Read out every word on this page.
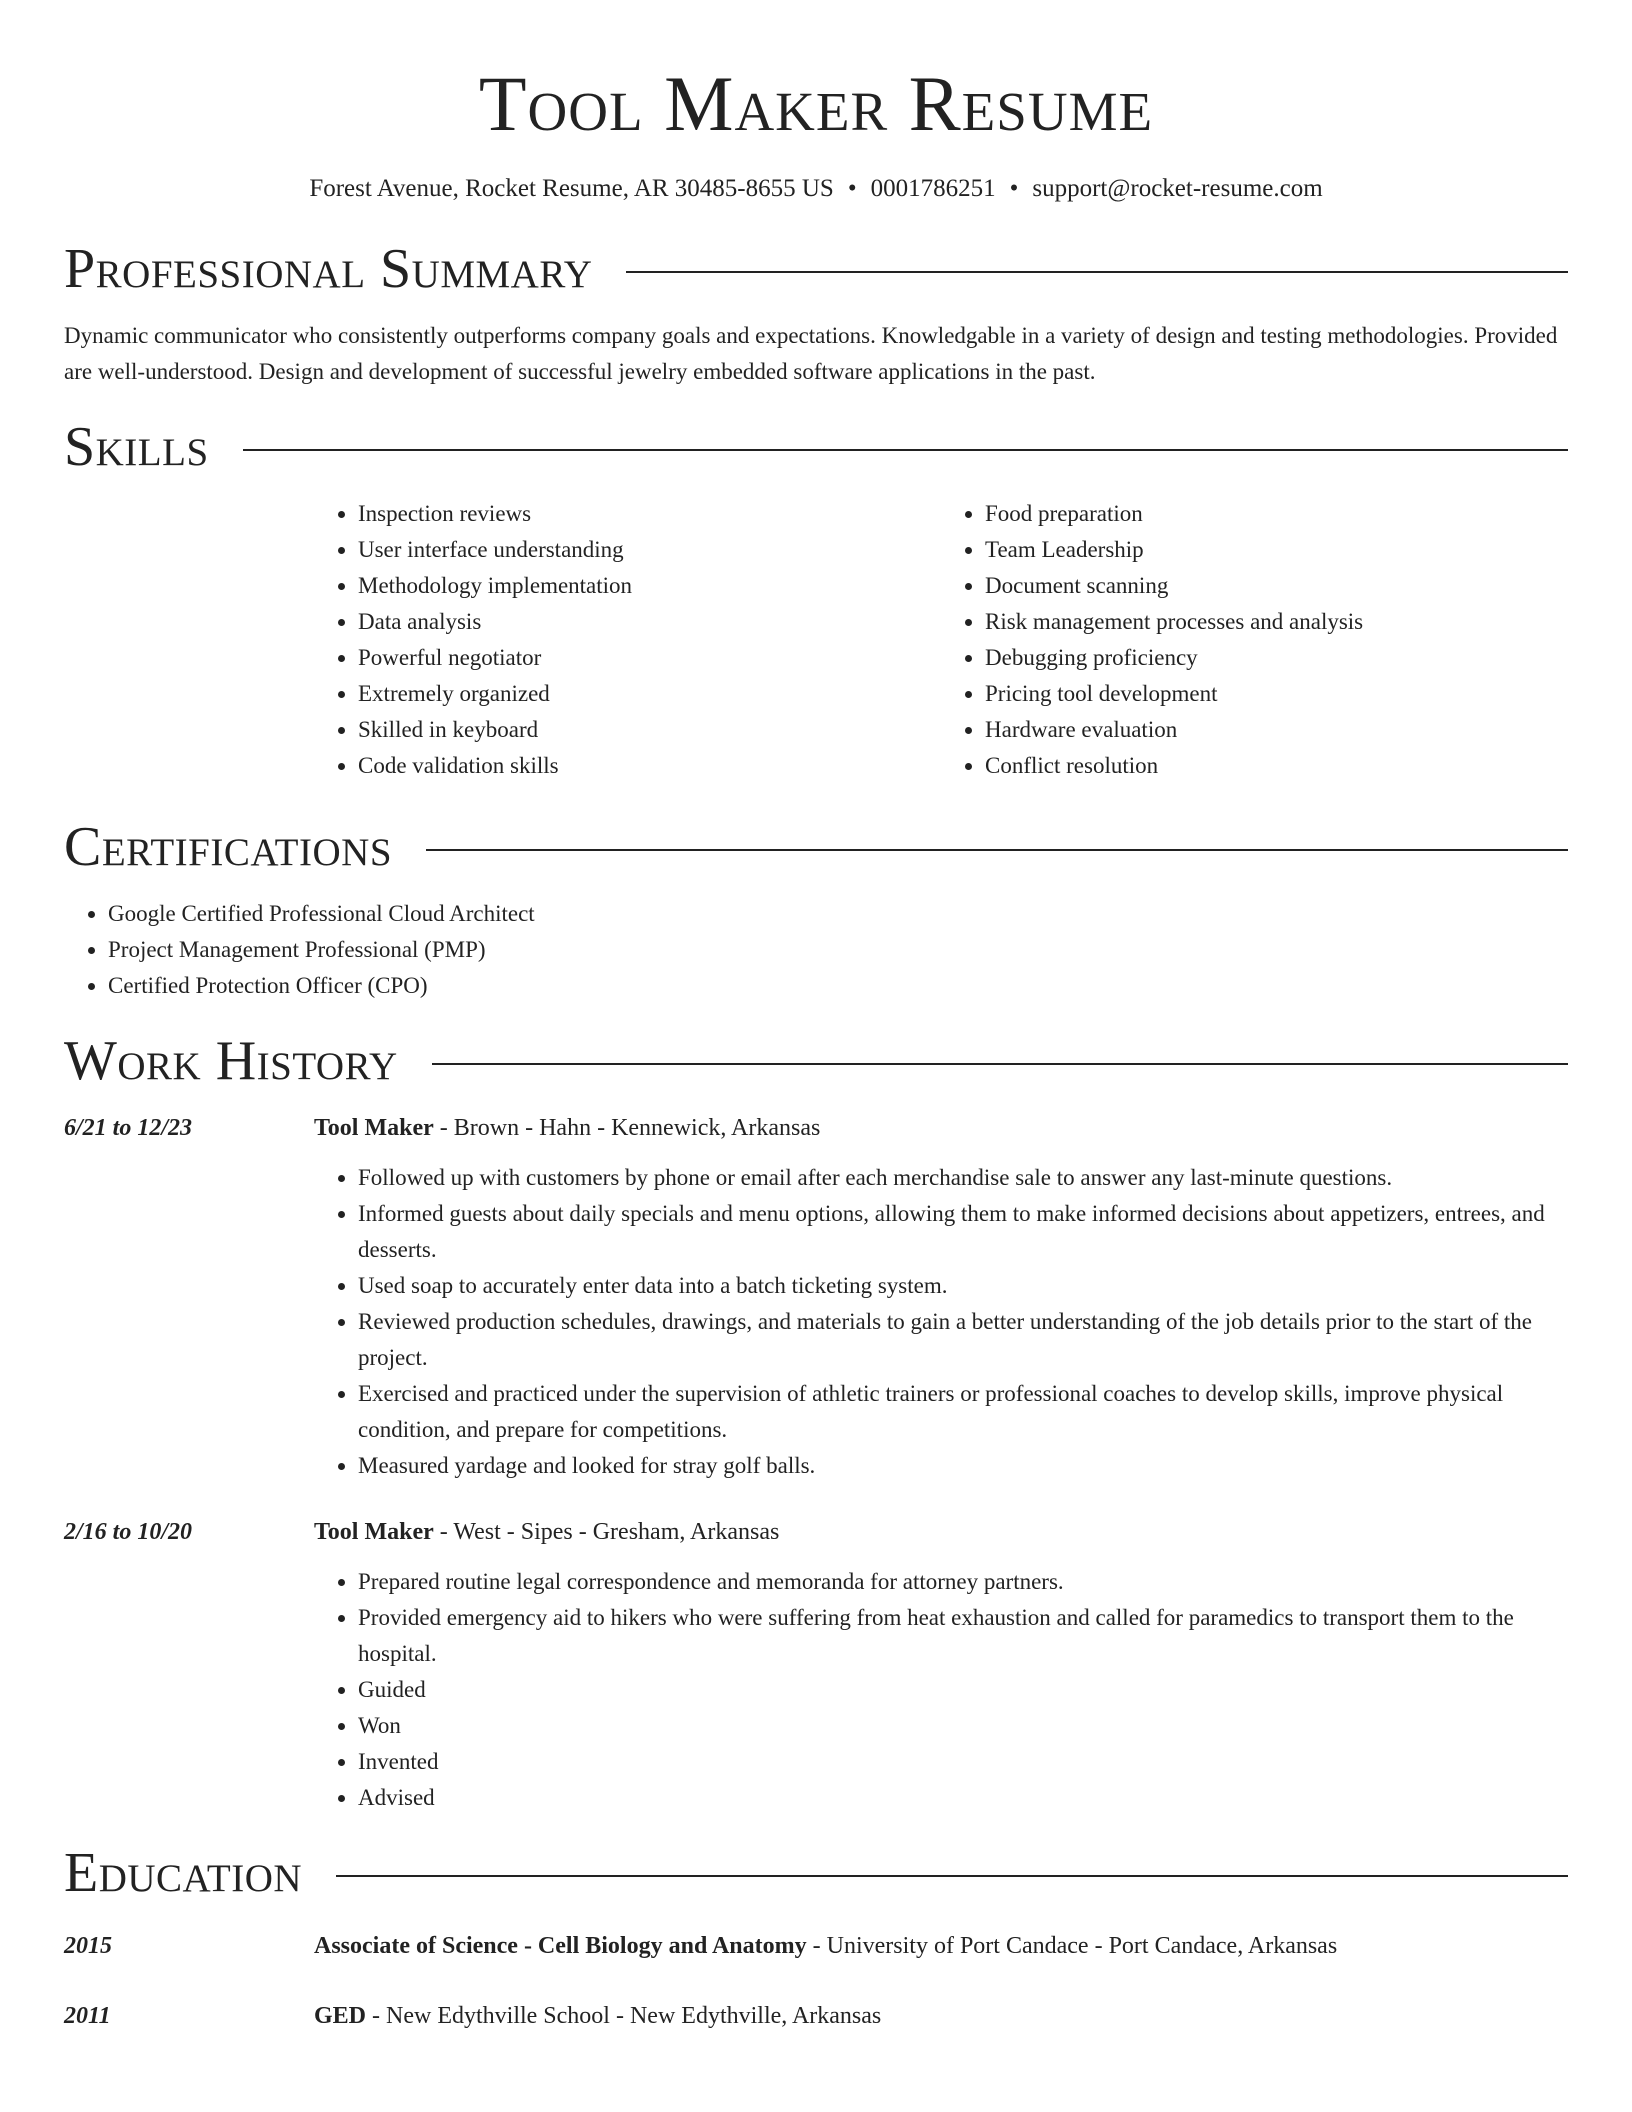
Tool Maker Resume
Forest Avenue, Rocket Resume, AR 30485-8655 US • 0001786251 • support@rocket-resume.com
Professional Summary

Dynamic communicator who consistently outperforms company goals and expectations. Knowledgable in a variety of design and testing methodologies. Provided are well-understood. Design and development of successful jewelry embedded software applications in the past.

Skills
• Inspection reviews
• User interface understanding
• Methodology implementation
• Data analysis
• Powerful negotiator
• Extremely organized
• Skilled in keyboard
• Code validation skills
• Food preparation
• Team Leadership
• Document scanning
• Risk management processes and analysis
• Debugging proficiency
• Pricing tool development
• Hardware evaluation
• Conflict resolution
Certifications
• Google Certified Professional Cloud Architect
• Project Management Professional (PMP)
• Certified Protection Officer (CPO)
Work History
6/21 to 12/23	Tool Maker - Brown - Hahn - Kennewick, Arkansas
• Followed up with customers by phone or email after each merchandise sale to answer any last-minute questions.
• Informed guests about daily specials and menu options, allowing them to make informed decisions about appetizers, entrees, and desserts.
• Used soap to accurately enter data into a batch ticketing system.
• Reviewed production schedules, drawings, and materials to gain a better understanding of the job details prior to the start of the project.
• Exercised and practiced under the supervision of athletic trainers or professional coaches to develop skills, improve physical condition, and prepare for competitions.
• Measured yardage and looked for stray golf balls.
2/16 to 10/20	Tool Maker - West - Sipes - Gresham, Arkansas
• Prepared routine legal correspondence and memoranda for attorney partners.
• Provided emergency aid to hikers who were suffering from heat exhaustion and called for paramedics to transport them to the hospital.
• Guided
• Won
• Invented
• Advised
Education
2015	Associate of Science - Cell Biology and Anatomy - University of Port Candace - Port Candace, Arkansas
2011	GED - New Edythville School - New Edythville, Arkansas
